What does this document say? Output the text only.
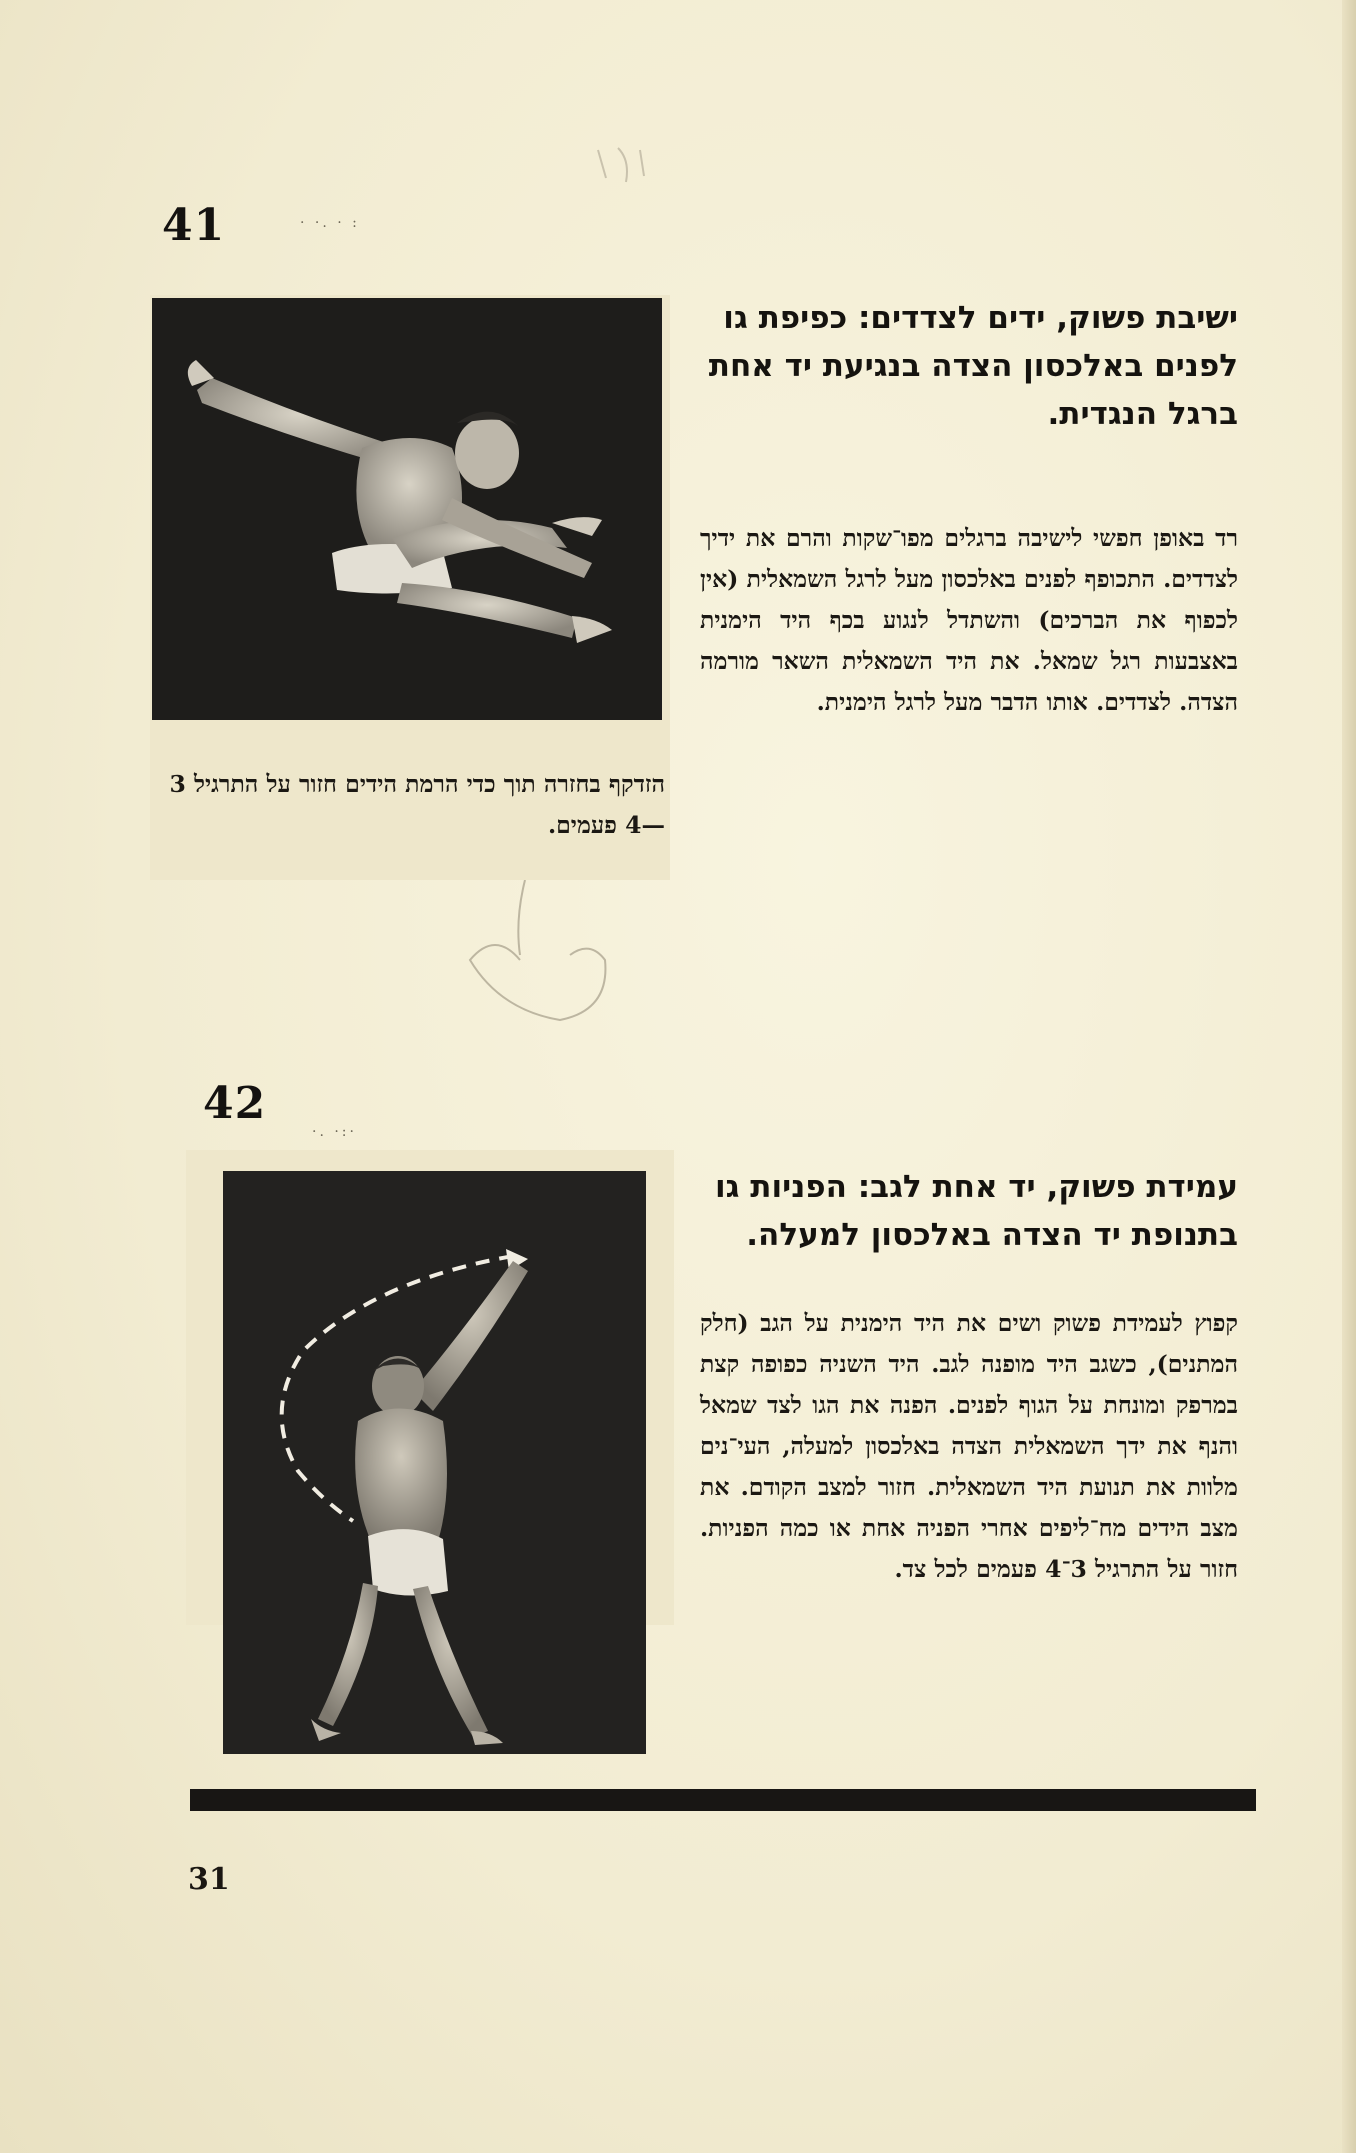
· ·. · :
·. ·:·
41

ישיבת פשוק, ידים לצדדים: כפיפת גו לפנים באלכסון הצדה בנגיעת יד אחת ברגל הנגדית.

רד באופן חפשי לישיבה ברגלים מפו־שקות והרם את ידיך לצדדים. התכופף לפנים באלכסון מעל לרגל השמאלית (אין לכפוף את הברכים) והשתדל לנגוע בכף היד הימנית באצבעות רגל שמאל. את היד השמאלית השאר מורמה הצדה. לצדדים. אותו הדבר מעל לרגל הימנית.

הזדקף בחזרה תוך כדי הרמת הידים חזור על התרגיל 3—4 פעמים.

42

עמידת פשוק, יד אחת לגב: הפניות גו בתנופת יד הצדה באלכסון למעלה.

קפוץ לעמידת פשוק ושים את היד הימנית על הגב (חלק המתנים), כשגב היד מופנה לגב. היד השניה כפופה קצת במרפק ומונחת על הגוף לפנים. הפנה את הגו לצד שמאל והנף את ידך השמאלית הצדה באלכסון למעלה, העי־נים מלוות את תנועת היד השמאלית. חזור למצב הקודם. את מצב הידים מח־ליפים אחרי הפניה אחת או כמה הפניות. חזור על התרגיל 3־4 פעמים לכל צד.

31
